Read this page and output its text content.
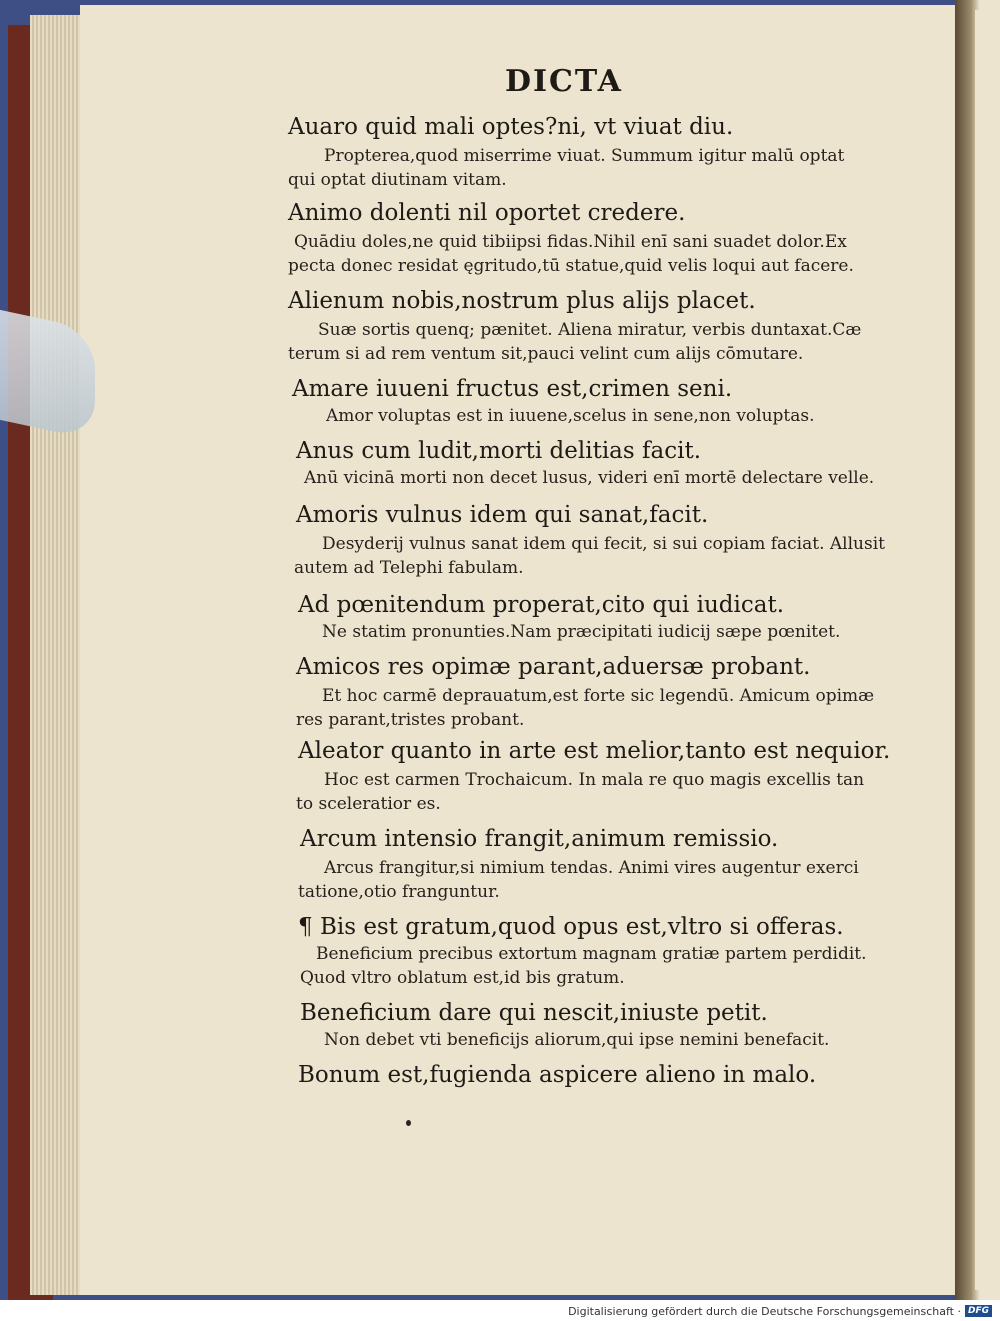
DICTA
Auaro quid mali optes?ni, vt viuat diu.
Propterea,quod miserrime viuat. Summum igitur malū optat
qui optat diutinam vitam.
Animo dolenti nil oportet credere.
Quādiu doles,ne quid tibiipsi fidas.Nihil enī sani suadet dolor.Ex
pecta donec residat ęgritudo,tū statue,quid velis loqui aut facere.
Alienum nobis,nostrum plus alijs placet.
Suæ sortis quenq; pænitet. Aliena miratur, verbis duntaxat.Cæ
terum si ad rem ventum sit,pauci velint cum alijs cōmutare.
Amare iuueni fructus est,crimen seni.
Amor voluptas est in iuuene,scelus in sene,non voluptas.
Anus cum ludit,morti delitias facit.
Anū vicinā morti non decet lusus, videri enī mortē delectare velle.
Amoris vulnus idem qui sanat,facit.
Desyderij vulnus sanat idem qui fecit, si sui copiam faciat. Allusit
autem ad Telephi fabulam.
Ad pœnitendum properat,cito qui iudicat.
Ne statim pronunties.Nam præcipitati iudicij sæpe pœnitet.
Amicos res opimæ parant,aduersæ probant.
Et hoc carmē deprauatum,est forte sic legendū. Amicum opimæ
res parant,tristes probant.
Aleator quanto in arte est melior,tanto est nequior.
Hoc est carmen Trochaicum. In mala re quo magis excellis tan
to sceleratior es.
Arcum intensio frangit,animum remissio.
Arcus frangitur,si nimium tendas. Animi vires augentur exerci
tatione,otio franguntur.
¶ Bis est gratum,quod opus est,vltro si offeras.
Beneficium precibus extortum magnam gratiæ partem perdidit.
Quod vltro oblatum est,id bis gratum.
Beneficium dare qui nescit,iniuste petit.
Non debet vti beneficijs aliorum,qui ipse nemini benefacit.
Bonum est,fugienda aspicere alieno in malo.
Digitalisierung gefördert durch die Deutsche Forschungsgemeinschaft · DFG
